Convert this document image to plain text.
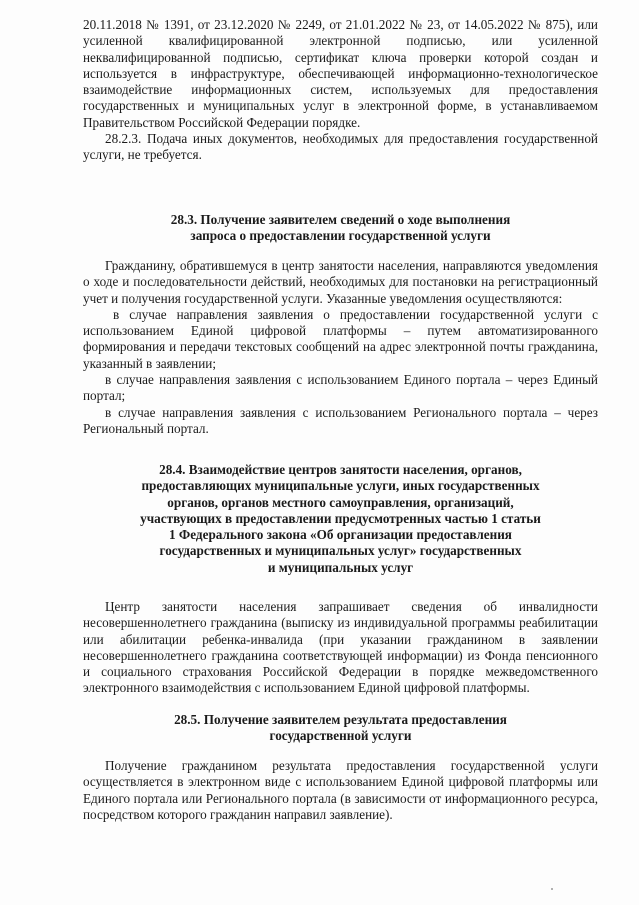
20.11.2018 № 1391, от 23.12.2020 № 2249, от 21.01.2022 № 23, от 14.05.2022 № 875), или усиленной квалифицированной электронной подписью, или усиленной неквалифицированной подписью, сертификат ключа проверки которой создан и используется в инфраструктуре, обеспечивающей информационно-технологическое взаимодействие информационных систем, используемых для предоставления государственных и муниципальных услуг в электронной форме, в устанавливаемом Правительством Российской Федерации порядке.

28.2.3. Подача иных документов, необходимых для предоставления государственной услуги, не требуется.

28.3. Получение заявителем сведений о ходе выполнения
запроса о предоставлении государственной услуги

Гражданину, обратившемуся в центр занятости населения, направляются уведомления о ходе и последовательности действий, необходимых для постановки на регистрационный учет и получения государственной услуги. Указанные уведомления осуществляются:

в случае направления заявления о предоставлении государственной услуги с использованием Единой цифровой платформы – путем автоматизированного формирования и передачи текстовых сообщений на адрес электронной почты гражданина, указанный в заявлении;

в случае направления заявления с использованием Единого портала – через Единый портал;

в случае направления заявления с использованием Регионального портала – через Региональный портал.

28.4. Взаимодействие центров занятости населения, органов,
предоставляющих муниципальные услуги, иных государственных
органов, органов местного самоуправления, организаций,
участвующих в предоставлении предусмотренных частью 1 статьи
1 Федерального закона «Об организации предоставления
государственных и муниципальных услуг» государственных
и муниципальных услуг

Центр занятости населения запрашивает сведения об инвалидности несовершеннолетнего гражданина (выписку из индивидуальной программы реабилитации или абилитации ребенка-инвалида (при указании гражданином в заявлении несовершеннолетнего гражданина соответствующей информации) из Фонда пенсионного и социального страхования Российской Федерации в порядке межведомственного электронного взаимодействия с использованием Единой цифровой платформы.

28.5. Получение заявителем результата предоставления
государственной услуги

Получение гражданином результата предоставления государственной услуги осуществляется в электронном виде с использованием Единой цифровой платформы или Единого портала или Регионального портала (в зависимости от информационного ресурса, посредством которого гражданин направил заявление).
